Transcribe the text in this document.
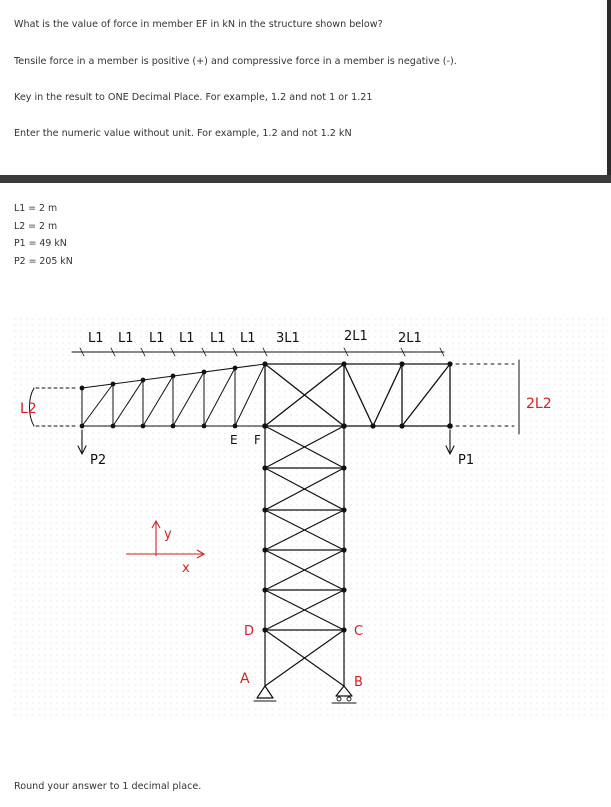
What is the value of force in member EF in kN in the structure shown below?
Tensile force in a member is positive (+) and compressive force in a member is negative (-).
Key in the result to ONE Decimal Place. For example, 1.2 and not 1 or 1.21
Enter the numeric value without unit. For example, 1.2 and not 1.2 kN
L1 = 2 m
L2 = 2 m
P1 = 49 kN
P2 = 205 kN
L1 L1 L1 L1 L1 L1 3L1	2L1 2L1
L2	2L2
P2	P1
E F
D	C
A	B
y
x
Round your answer to 1 decimal place.
